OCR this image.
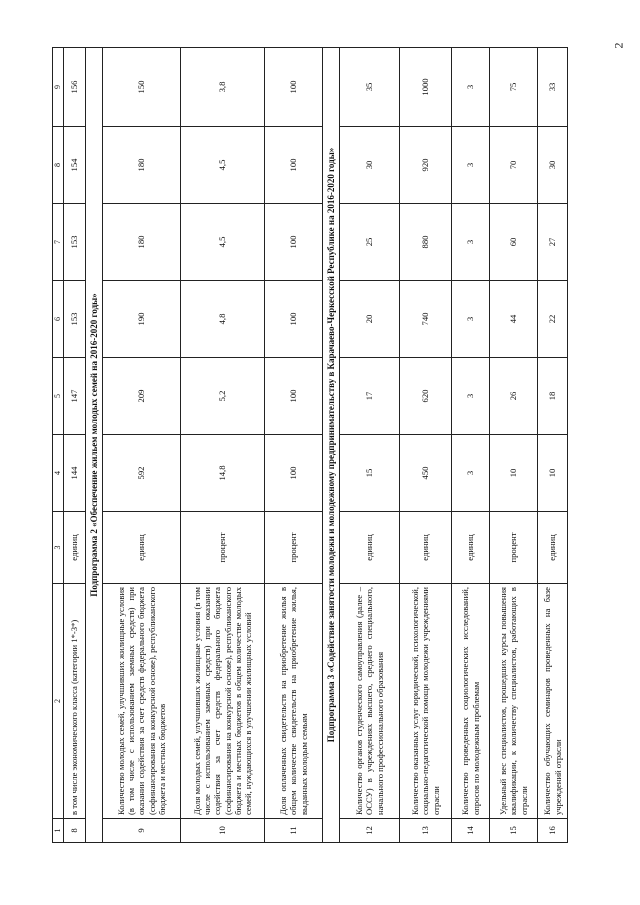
2
1	2	3	4	5	6	7	8	9
8	в том числе экономического класса (категории 1*-3*)	единиц	144	147	153	153	154	156
Подпрограмма 2 «Обеспечение жильем молодых семей на 2016-2020 годы»								
9	Количество молодых семей, улучшивших жилищные условия (в том числе с использованием заемных средств) при оказании содействия за счет средств федерального бюджета (софинансирования на конкурсной основе), республиканского бюджета и местных бюджетов	единиц	592	209	190	180	180	150
10	Доля молодых семей, улучшивших жилищные условия (в том числе с использованием заемных средств) при оказании содействия за счет средств федерального бюджета (софинансирования на конкурсной основе), республиканского бюджета и местных бюджетов в общем количестве молодых семей, нуждающихся в улучшении жилищных условий	процент	14,8	5,2	4,8	4,5	4,5	3,8
11	Доля оплаченных свидетельств на приобретение жилья в общем количестве свидетельств на приобретение жилья, выданных молодым семьям	процент	100	100	100	100	100	100
Подпрограмма 3 «Содействие занятости молодежи и молодежному предпринимательству в Карачаево-Черкесской Республике на 2016-2020 годы»								
12	Количество органов студенческого самоуправления (далее – ОССУ) в учреждениях высшего, среднего специального, начального профессионального образования	единиц	15	17	20	25	30	35
13	Количество оказанных услуг юридической, психологической, социально-педагогической помощи молодежи учреждениями отрасли	единиц	450	620	740	880	920	1000
14	Количество проведенных социологических исследований, опросов по молодежным проблемам	единиц	3	3	3	3	3	3
15	Удельный вес специалистов, прошедших курсы повышения квалификации, к количеству специалистов, работающих в отрасли	процент	10	26	44	60	70	75
16	Количество обучающих семинаров проведенных на базе учреждений отрасли	единиц	10	18	22	27	30	33
